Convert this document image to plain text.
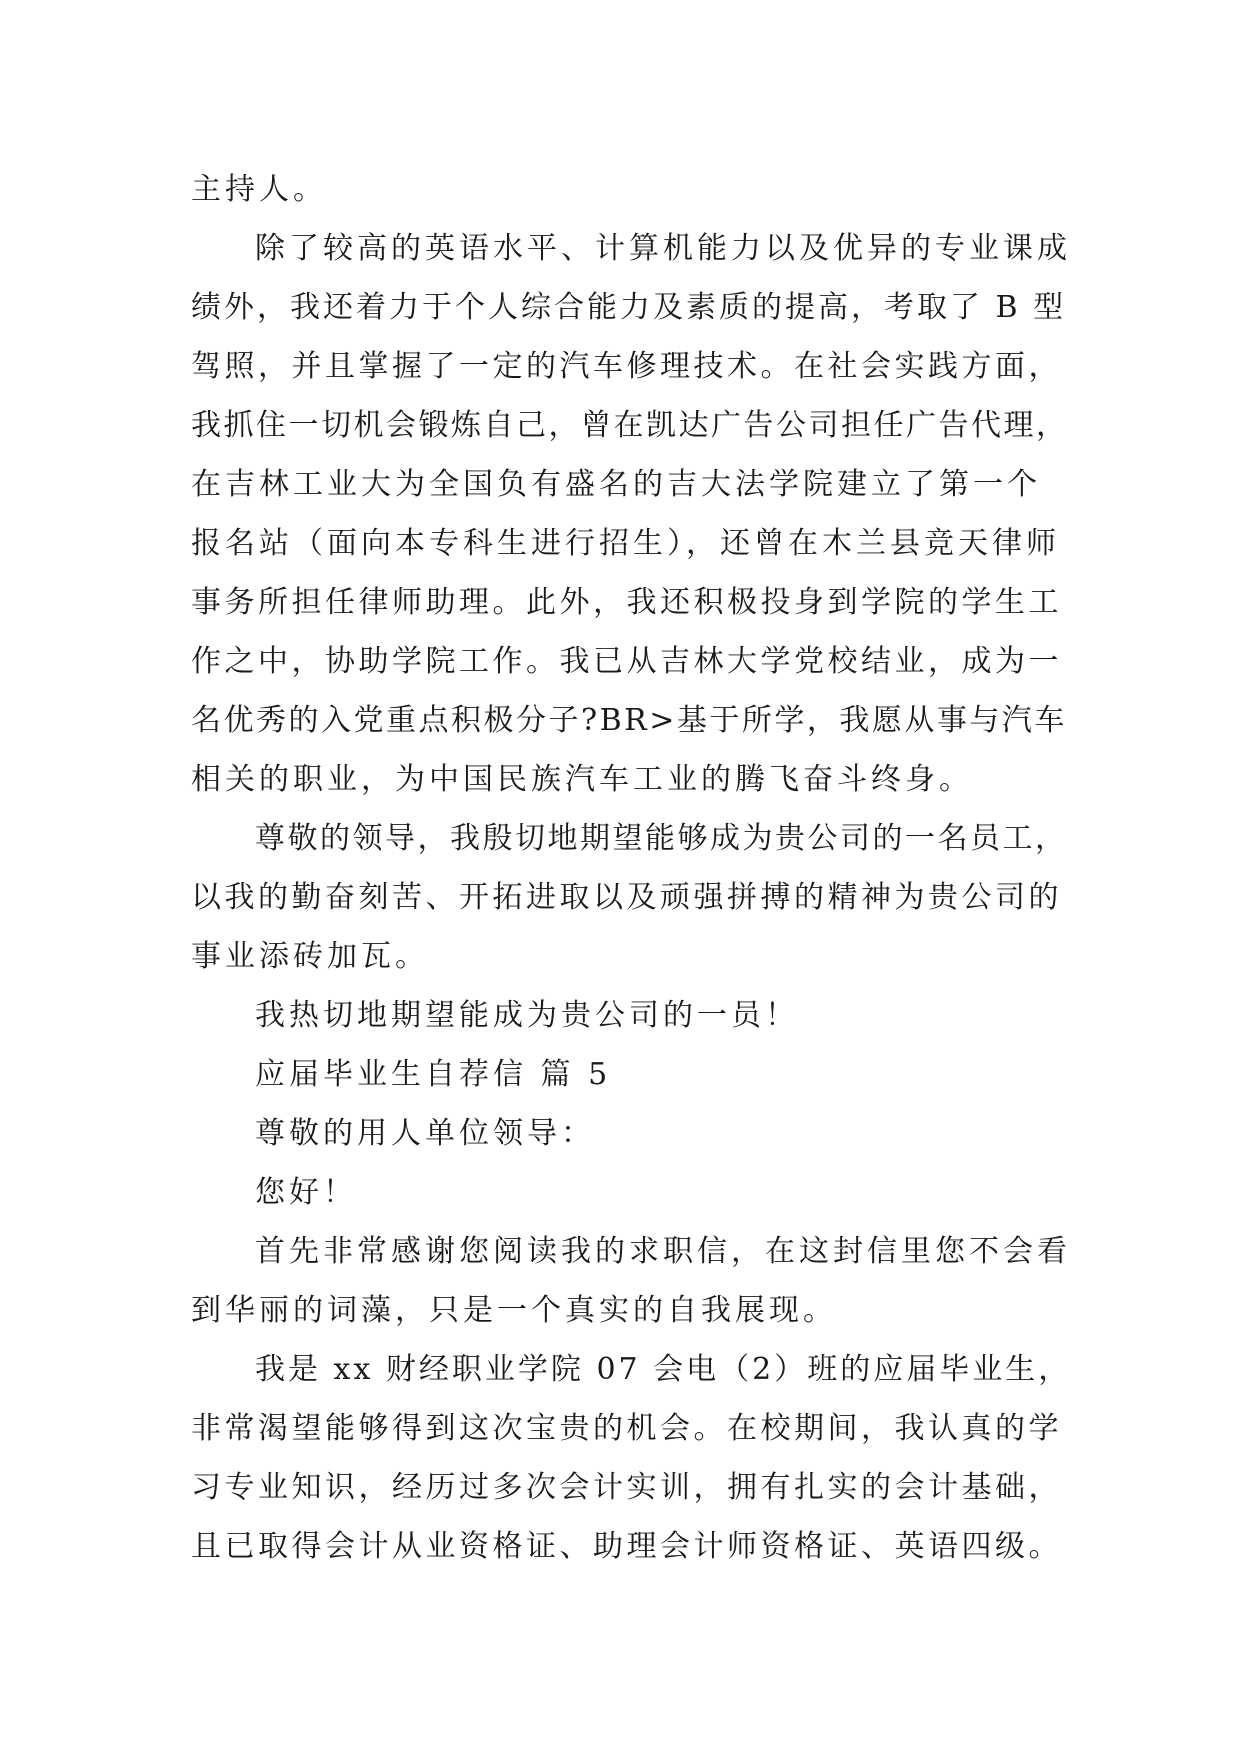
主持人。
除了较高的英语水平、计算机能力以及优异的专业课成
绩外，我还着力于个人综合能力及素质的提高，考取了 B 型
驾照，并且掌握了一定的汽车修理技术。在社会实践方面，
我抓住一切机会锻炼自己，曾在凯达广告公司担任广告代理，
在吉林工业大为全国负有盛名的吉大法学院建立了第一个
报名站（面向本专科生进行招生），还曾在木兰县竞天律师
事务所担任律师助理。此外，我还积极投身到学院的学生工
作之中，协助学院工作。我已从吉林大学党校结业，成为一
名优秀的入党重点积极分子?BR>基于所学，我愿从事与汽车
相关的职业，为中国民族汽车工业的腾飞奋斗终身。
尊敬的领导，我殷切地期望能够成为贵公司的一名员工，
以我的勤奋刻苦、开拓进取以及顽强拼搏的精神为贵公司的
事业添砖加瓦。
我热切地期望能成为贵公司的一员！
应届毕业生自荐信 篇 5
尊敬的用人单位领导：
您好！
首先非常感谢您阅读我的求职信，在这封信里您不会看
到华丽的词藻，只是一个真实的自我展现。
我是 xx 财经职业学院 07 会电（2）班的应届毕业生，
非常渴望能够得到这次宝贵的机会。在校期间，我认真的学
习专业知识，经历过多次会计实训，拥有扎实的会计基础，
且已取得会计从业资格证、助理会计师资格证、英语四级。
